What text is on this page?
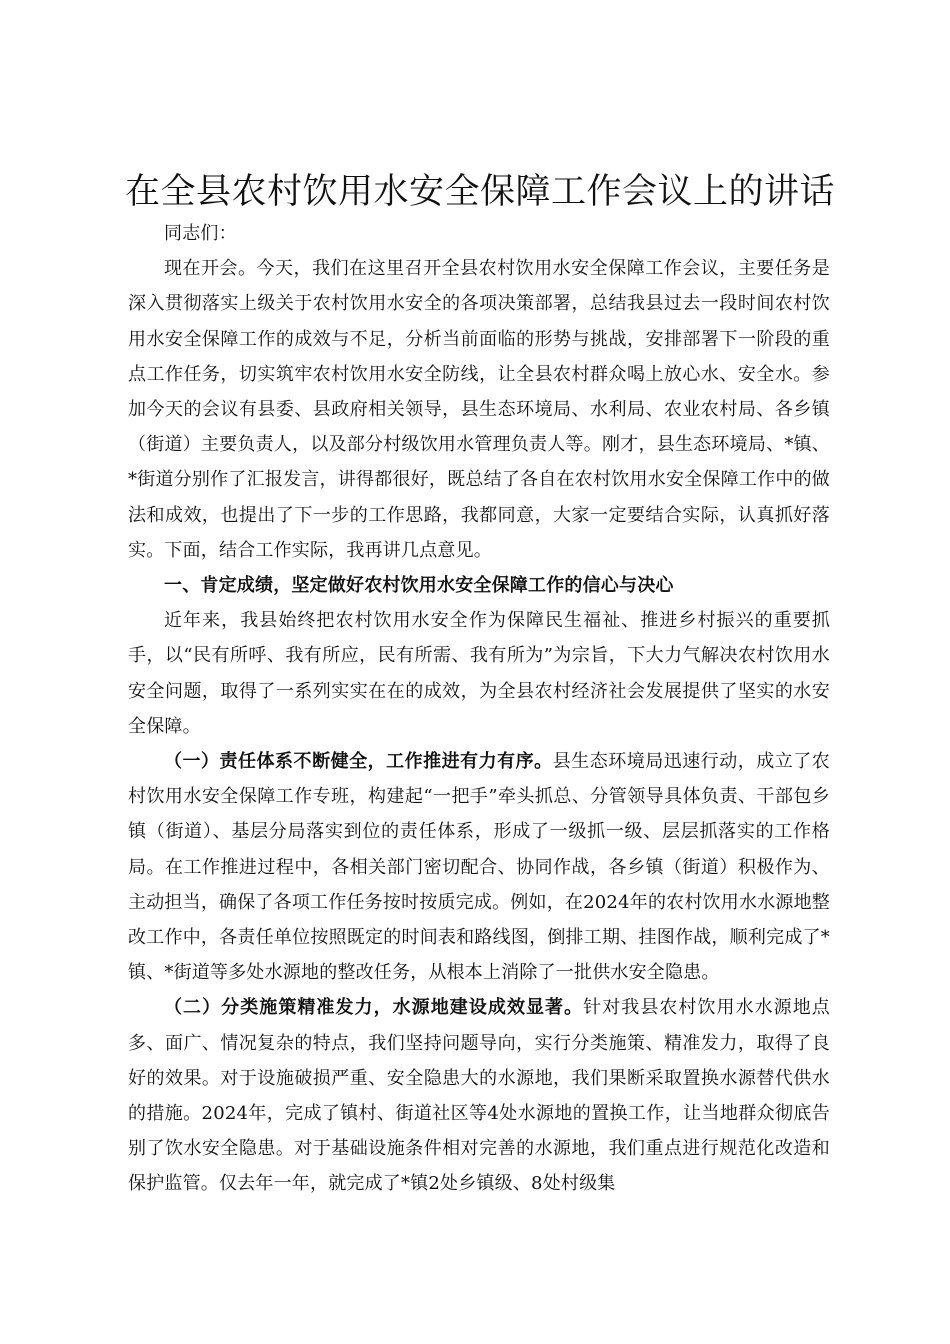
在全县农村饮用水安全保障工作会议上的讲话

同志们：

现在开会。今天，我们在这里召开全县农村饮用水安全保障工作会议，主要任务是深入贯彻落实上级关于农村饮用水安全的各项决策部署，总结我县过去一段时间农村饮用水安全保障工作的成效与不足，分析当前面临的形势与挑战，安排部署下一阶段的重点工作任务，切实筑牢农村饮用水安全防线，让全县农村群众喝上放心水、安全水。参加今天的会议有县委、县政府相关领导，县生态环境局、水利局、农业农村局、各乡镇（街道）主要负责人，以及部分村级饮用水管理负责人等。刚才，县生态环境局、*镇、*街道分别作了汇报发言，讲得都很好，既总结了各自在农村饮用水安全保障工作中的做法和成效，也提出了下一步的工作思路，我都同意，大家一定要结合实际，认真抓好落实。下面，结合工作实际，我再讲几点意见。

一、肯定成绩，坚定做好农村饮用水安全保障工作的信心与决心

近年来，我县始终把农村饮用水安全作为保障民生福祉、推进乡村振兴的重要抓手，以“民有所呼、我有所应，民有所需、我有所为”为宗旨，下大力气解决农村饮用水安全问题，取得了一系列实实在在的成效，为全县农村经济社会发展提供了坚实的水安全保障。

（一）责任体系不断健全，工作推进有力有序。县生态环境局迅速行动，成立了农村饮用水安全保障工作专班，构建起“一把手”牵头抓总、分管领导具体负责、干部包乡镇（街道）、基层分局落实到位的责任体系，形成了一级抓一级、层层抓落实的工作格局。在工作推进过程中，各相关部门密切配合、协同作战，各乡镇（街道）积极作为、主动担当，确保了各项工作任务按时按质完成。例如，在2024年的农村饮用水水源地整改工作中，各责任单位按照既定的时间表和路线图，倒排工期、挂图作战，顺利完成了*镇、*街道等多处水源地的整改任务，从根本上消除了一批供水安全隐患。

（二）分类施策精准发力，水源地建设成效显著。针对我县农村饮用水水源地点多、面广、情况复杂的特点，我们坚持问题导向，实行分类施策、精准发力，取得了良好的效果。对于设施破损严重、安全隐患大的水源地，我们果断采取置换水源替代供水的措施。2024年，完成了镇村、街道社区等4处水源地的置换工作，让当地群众彻底告别了饮水安全隐患。对于基础设施条件相对完善的水源地，我们重点进行规范化改造和保护监管。仅去年一年，就完成了*镇2处乡镇级、8处村级集
